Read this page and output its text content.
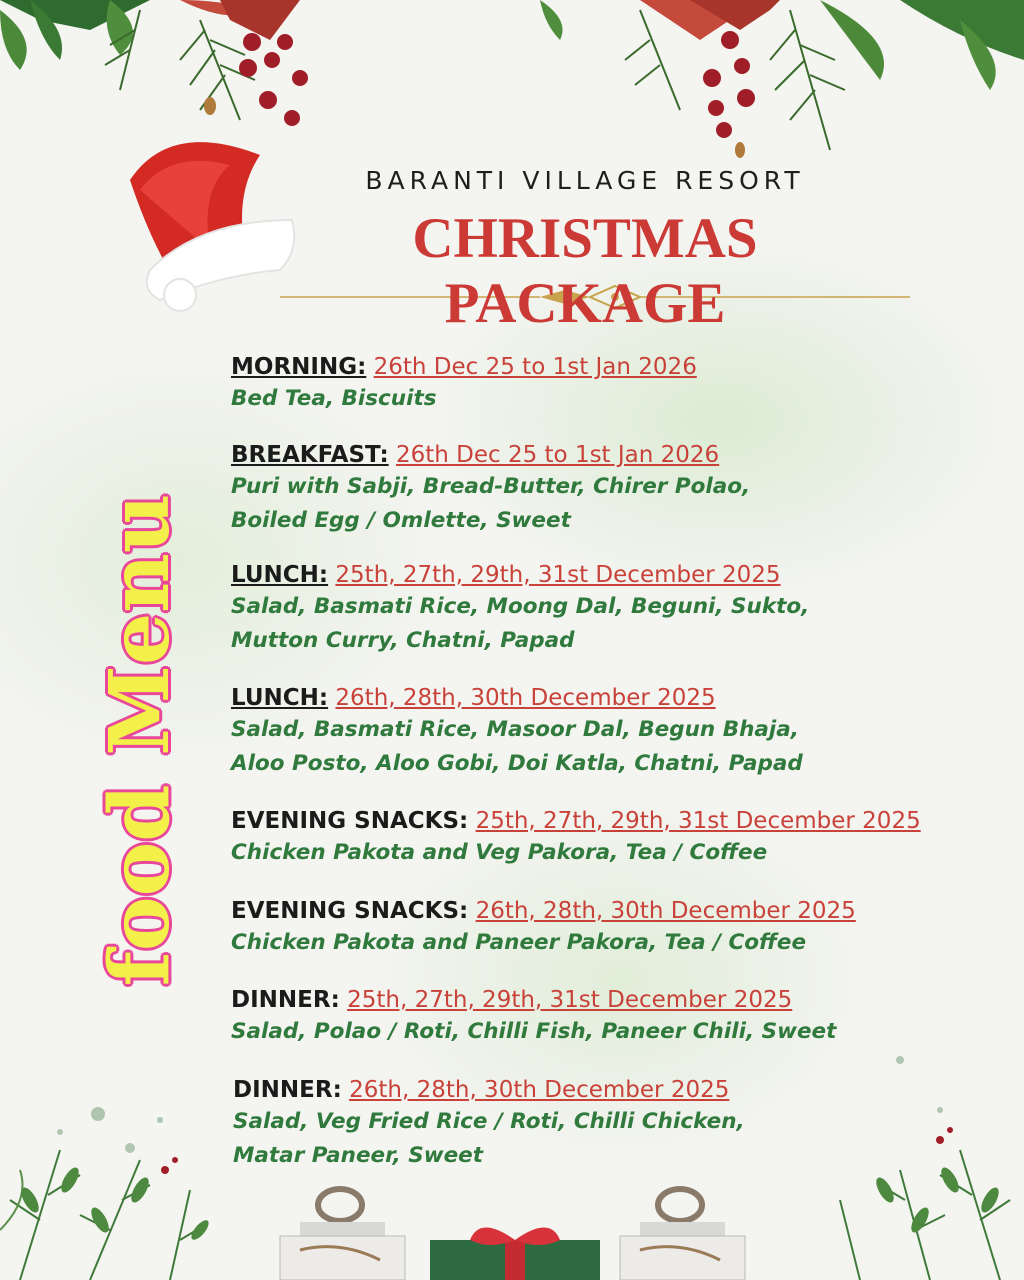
BARANTI VILLAGE RESORT
CHRISTMAS PACKAGE
food Menu
MORNING: 26th Dec 25 to 1st Jan 2026
Bed Tea, Biscuits
BREAKFAST: 26th Dec 25 to 1st Jan 2026
Puri with Sabji, Bread-Butter, Chirer Polao,
Boiled Egg / Omlette, Sweet
LUNCH: 25th, 27th, 29th, 31st December 2025
Salad, Basmati Rice, Moong Dal, Beguni, Sukto,
Mutton Curry, Chatni, Papad
LUNCH: 26th, 28th, 30th December 2025
Salad, Basmati Rice, Masoor Dal, Begun Bhaja,
Aloo Posto, Aloo Gobi, Doi Katla, Chatni, Papad
EVENING SNACKS: 25th, 27th, 29th, 31st December 2025
Chicken Pakota and Veg Pakora, Tea / Coffee
EVENING SNACKS: 26th, 28th, 30th December 2025
Chicken Pakota and Paneer Pakora, Tea / Coffee
DINNER: 25th, 27th, 29th, 31st December 2025
Salad, Polao / Roti, Chilli Fish, Paneer Chili, Sweet
DINNER: 26th, 28th, 30th December 2025
Salad, Veg Fried Rice / Roti, Chilli Chicken,
Matar Paneer, Sweet
